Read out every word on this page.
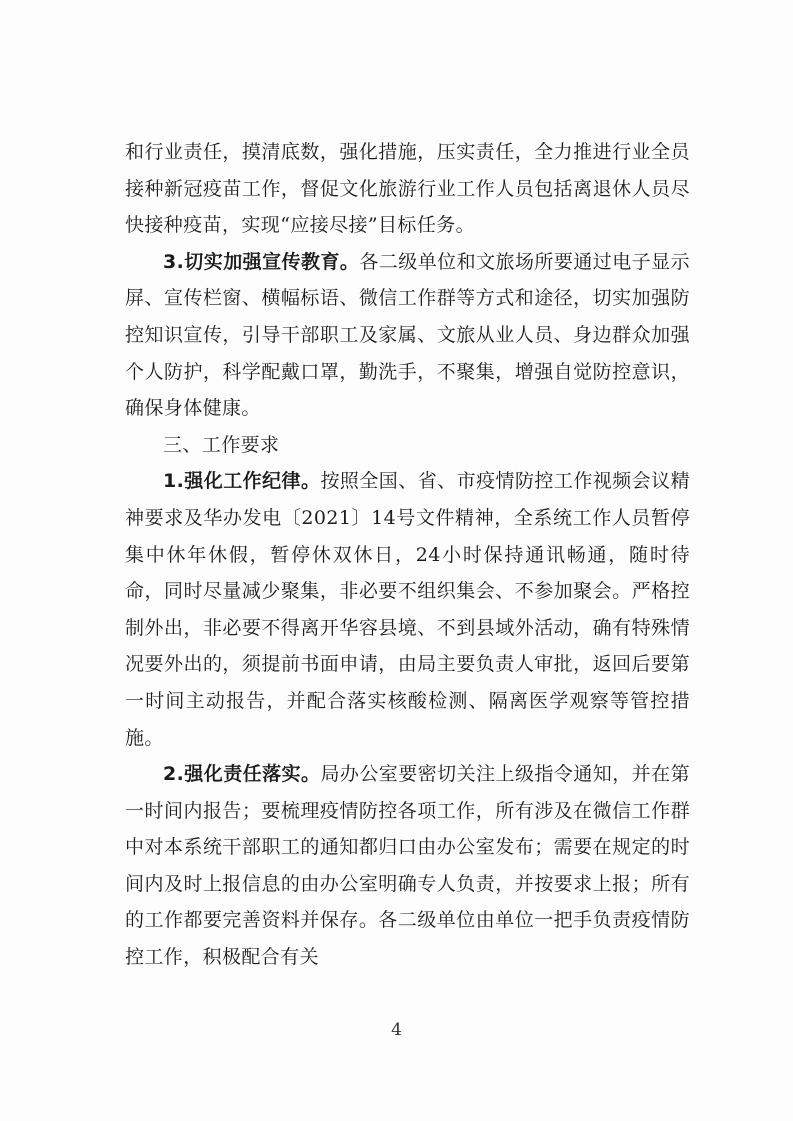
和行业责任，摸清底数，强化措施，压实责任，全力推进行业全员接种新冠疫苗工作，督促文化旅游行业工作人员包括离退休人员尽快接种疫苗，实现“应接尽接”目标任务。

3.切实加强宣传教育。各二级单位和文旅场所要通过电子显示屏、宣传栏窗、横幅标语、微信工作群等方式和途径，切实加强防控知识宣传，引导干部职工及家属、文旅从业人员、身边群众加强个人防护，科学配戴口罩，勤洗手，不聚集，增强自觉防控意识，确保身体健康。

三、工作要求

1.强化工作纪律。按照全国、省、市疫情防控工作视频会议精神要求及华办发电〔2021〕14号文件精神，全系统工作人员暂停集中休年休假，暂停休双休日，24小时保持通讯畅通，随时待命，同时尽量减少聚集，非必要不组织集会、不参加聚会。严格控制外出，非必要不得离开华容县境、不到县域外活动，确有特殊情况要外出的，须提前书面申请，由局主要负责人审批，返回后要第一时间主动报告，并配合落实核酸检测、隔离医学观察等管控措施。

2.强化责任落实。局办公室要密切关注上级指令通知，并在第一时间内报告；要梳理疫情防控各项工作，所有涉及在微信工作群中对本系统干部职工的通知都归口由办公室发布；需要在规定的时间内及时上报信息的由办公室明确专人负责，并按要求上报；所有的工作都要完善资料并保存。各二级单位由单位一把手负责疫情防控工作，积极配合有关

4
